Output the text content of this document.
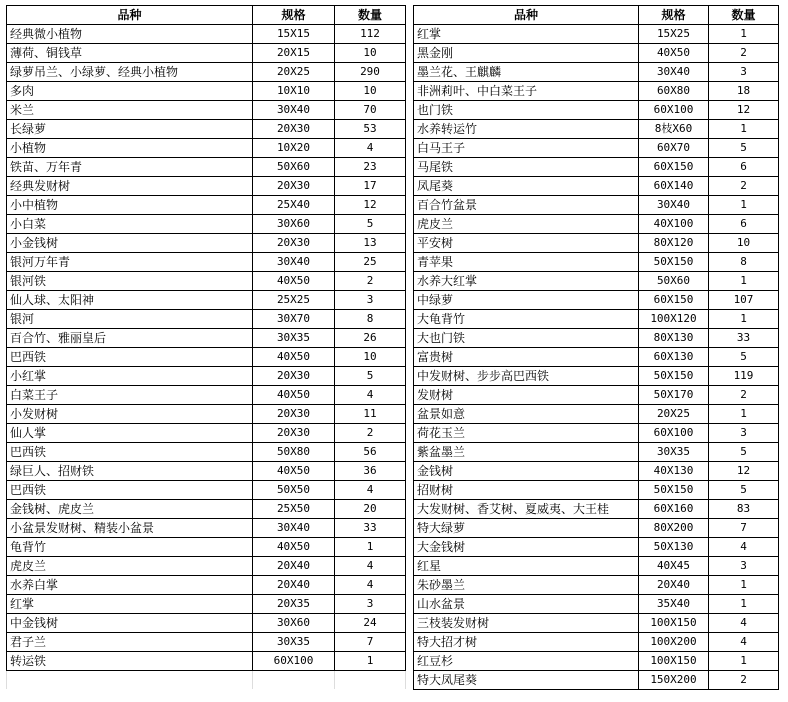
品种	规格	数量
经典微小植物	15X15	112
薄荷、铜钱草	20X15	10
绿萝吊兰、小绿萝、经典小植物	20X25	290
多肉	10X10	10
米兰	30X40	70
长绿萝	20X30	53
小植物	10X20	4
铁苗、万年青	50X60	23
经典发财树	20X30	17
小中植物	25X40	12
小白菜	30X60	5
小金钱树	20X30	13
银河万年青	30X40	25
银河铁	40X50	2
仙人球、太阳神	25X25	3
银河	30X70	8
百合竹、雅丽皇后	30X35	26
巴西铁	40X50	10
小红掌	20X30	5
白菜王子	40X50	4
小发财树	20X30	11
仙人掌	20X30	2
巴西铁	50X80	56
绿巨人、招财铁	40X50	36
巴西铁	50X50	4
金钱树、虎皮兰	25X50	20
小盆景发财树、精装小盆景	30X40	33
龟背竹	40X50	1
虎皮兰	20X40	4
水养白掌	20X40	4
红掌	20X35	3
中金钱树	30X60	24
君子兰	30X35	7
转运铁	60X100	1

品种	规格	数量
红掌	15X25	1
黑金刚	40X50	2
墨兰花、王麒麟	30X40	3
非洲莉叶、中白菜王子	60X80	18
也门铁	60X100	12
水养转运竹	8枝X60	1
白马王子	60X70	5
马尾铁	60X150	6
凤尾葵	60X140	2
百合竹盆景	30X40	1
虎皮兰	40X100	6
平安树	80X120	10
青苹果	50X150	8
水养大红掌	50X60	1
中绿萝	60X150	107
大龟背竹	100X120	1
大也门铁	80X130	33
富贵树	60X130	5
中发财树、步步高巴西铁	50X150	119
发财树	50X170	2
盆景如意	20X25	1
荷花玉兰	60X100	3
紫盆墨兰	30X35	5
金钱树	40X130	12
招财树	50X150	5
大发财树、香艾树、夏威夷、大王桂	60X160	83
特大绿萝	80X200	7
大金钱树	50X130	4
红星	40X45	3
朱砂墨兰	20X40	1
山水盆景	35X40	1
三枝装发财树	100X150	4
特大招才树	100X200	4
红豆杉	100X150	1
特大凤尾葵	150X200	2
